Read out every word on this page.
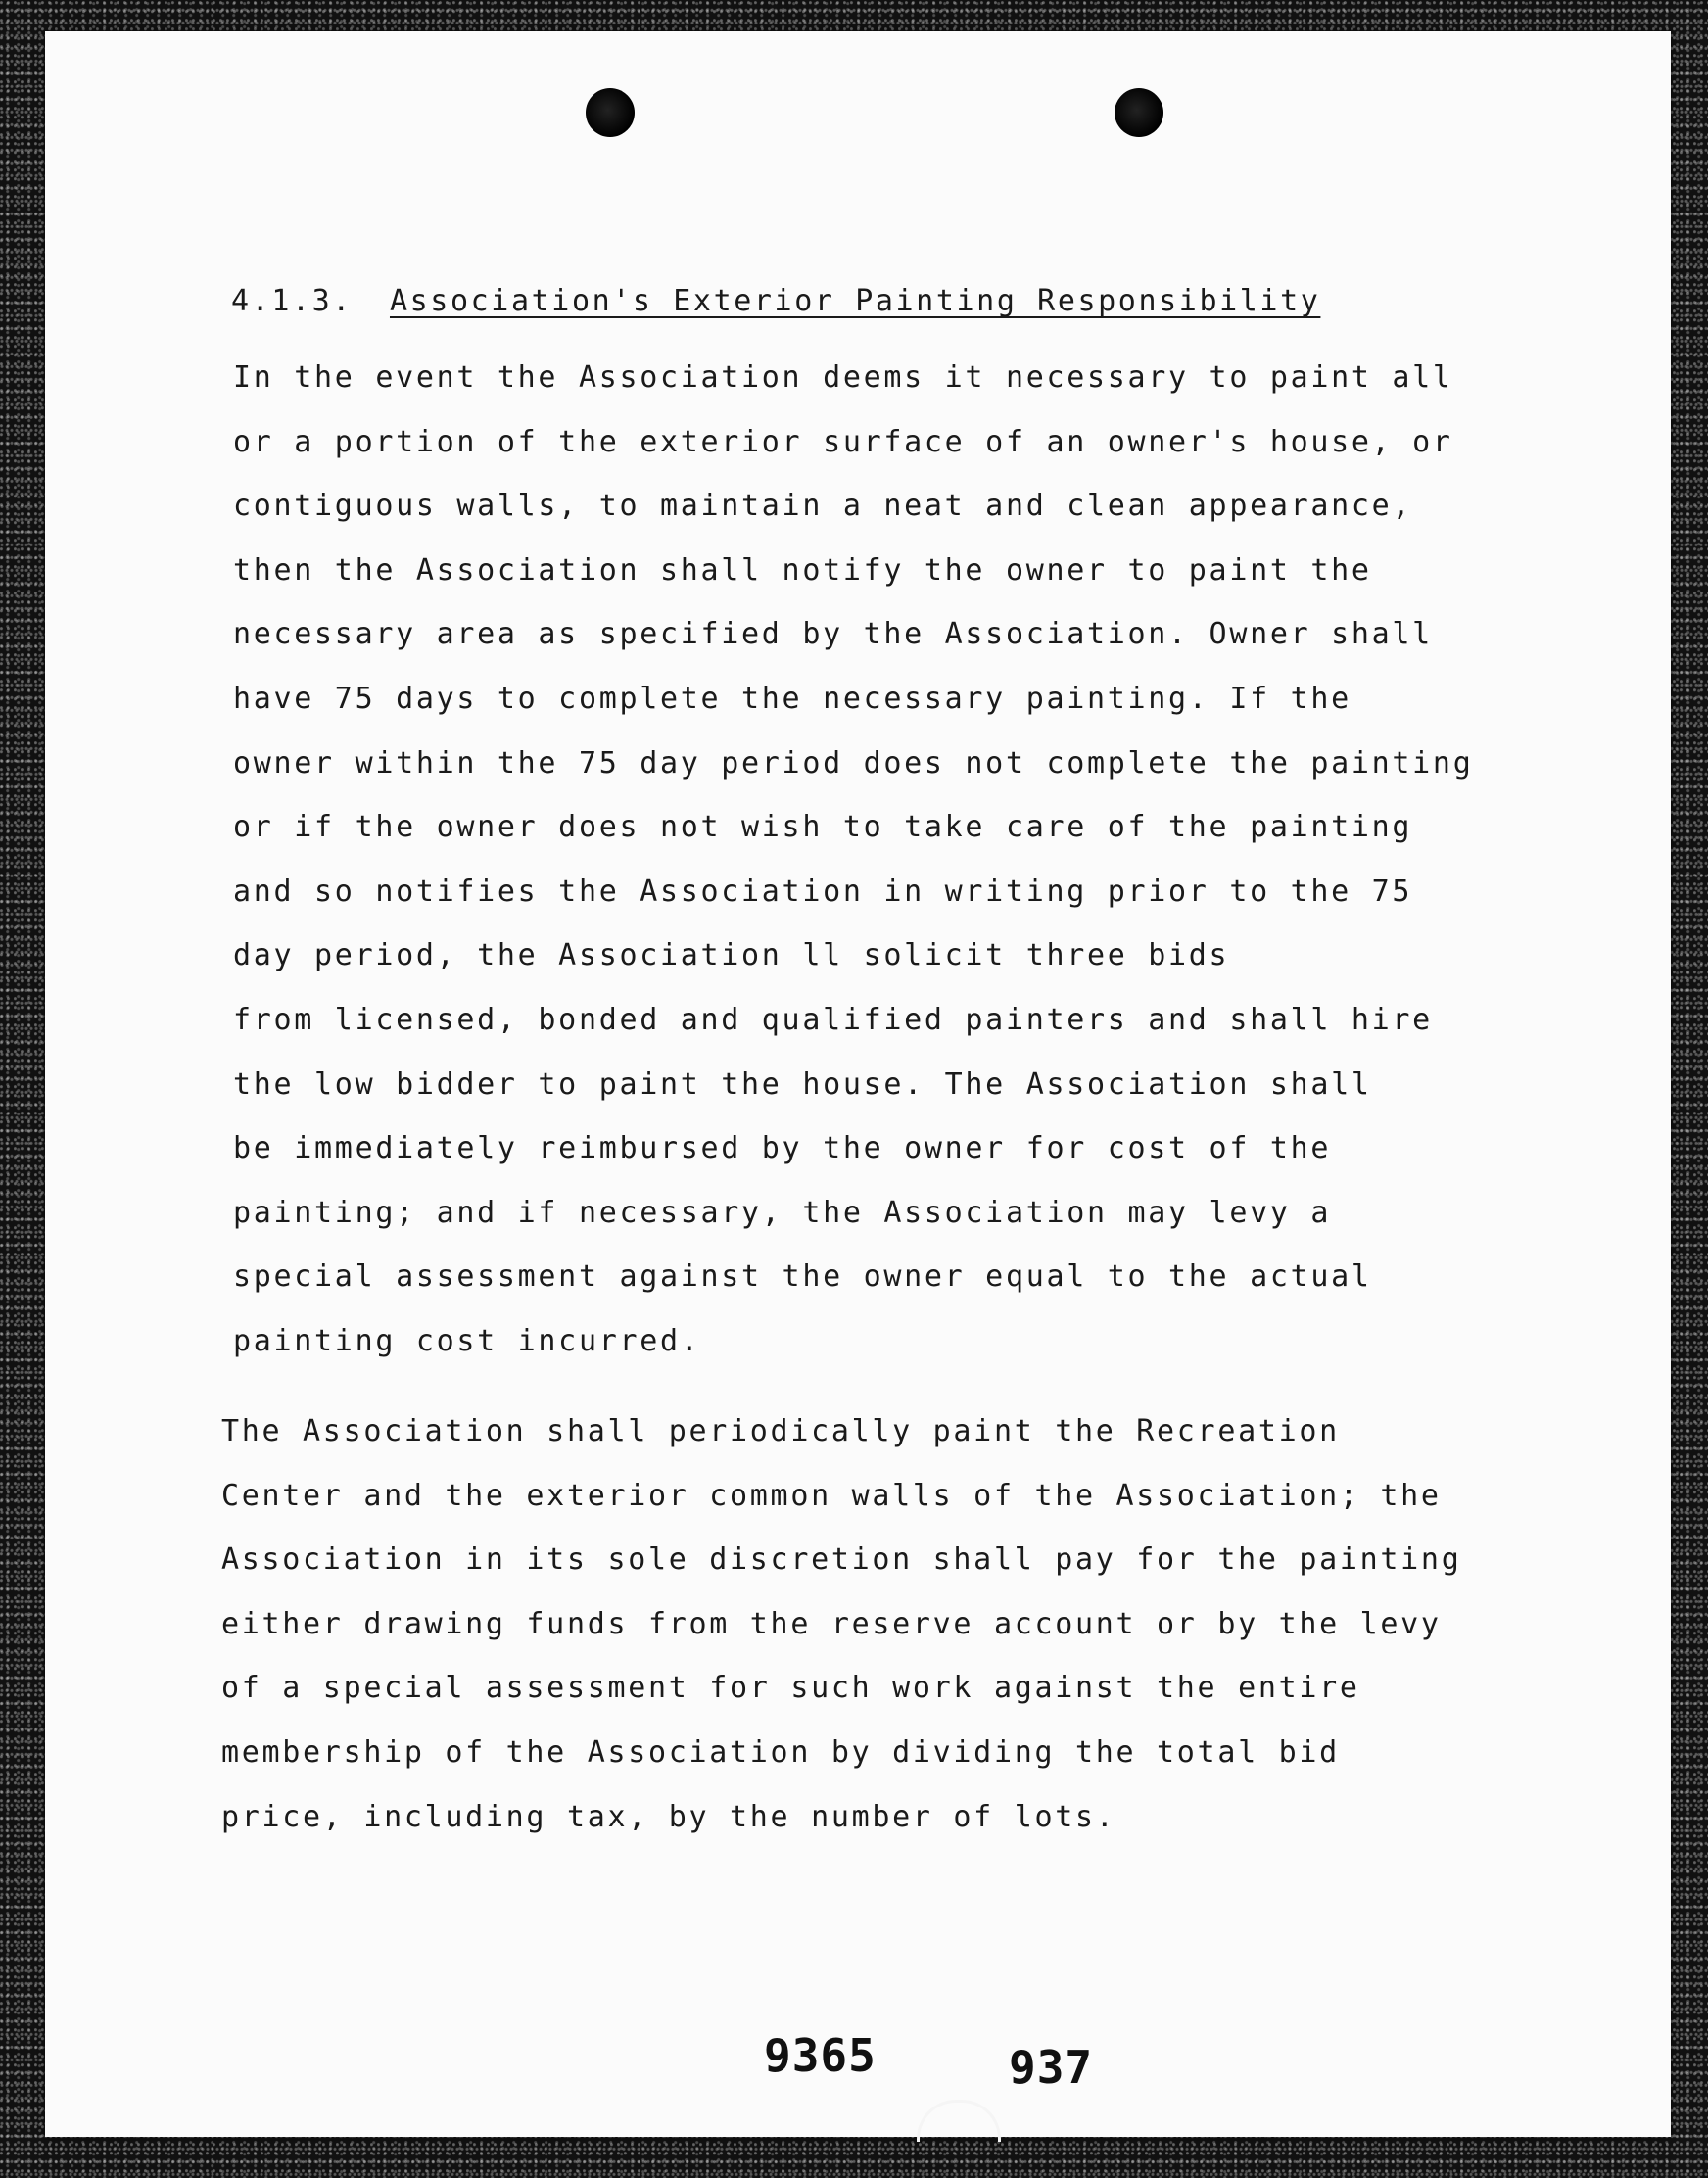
4.1.3. Association's Exterior Painting Responsibility
In the event the Association deems it necessary to paint all
or a portion of the exterior surface of an owner's house, or
contiguous walls, to maintain a neat and clean appearance,
then the Association shall notify the owner to paint the
necessary area as specified by the Association. Owner shall
have 75 days to complete the necessary painting. If the
owner within the 75 day period does not complete the painting
or if the owner does not wish to take care of the painting
and so notifies the Association in writing prior to the 75
day period, the Association ll solicit three bids
from licensed, bonded and qualified painters and shall hire
the low bidder to paint the house. The Association shall
be immediately reimbursed by the owner for cost of the
painting; and if necessary, the Association may levy a
special assessment against the owner equal to the actual
painting cost incurred.
The Association shall periodically paint the Recreation
Center and the exterior common walls of the Association; the
Association in its sole discretion shall pay for the painting
either drawing funds from the reserve account or by the levy
of a special assessment for such work against the entire
membership of the Association by dividing the total bid
price, including tax, by the number of lots.
9365	937
